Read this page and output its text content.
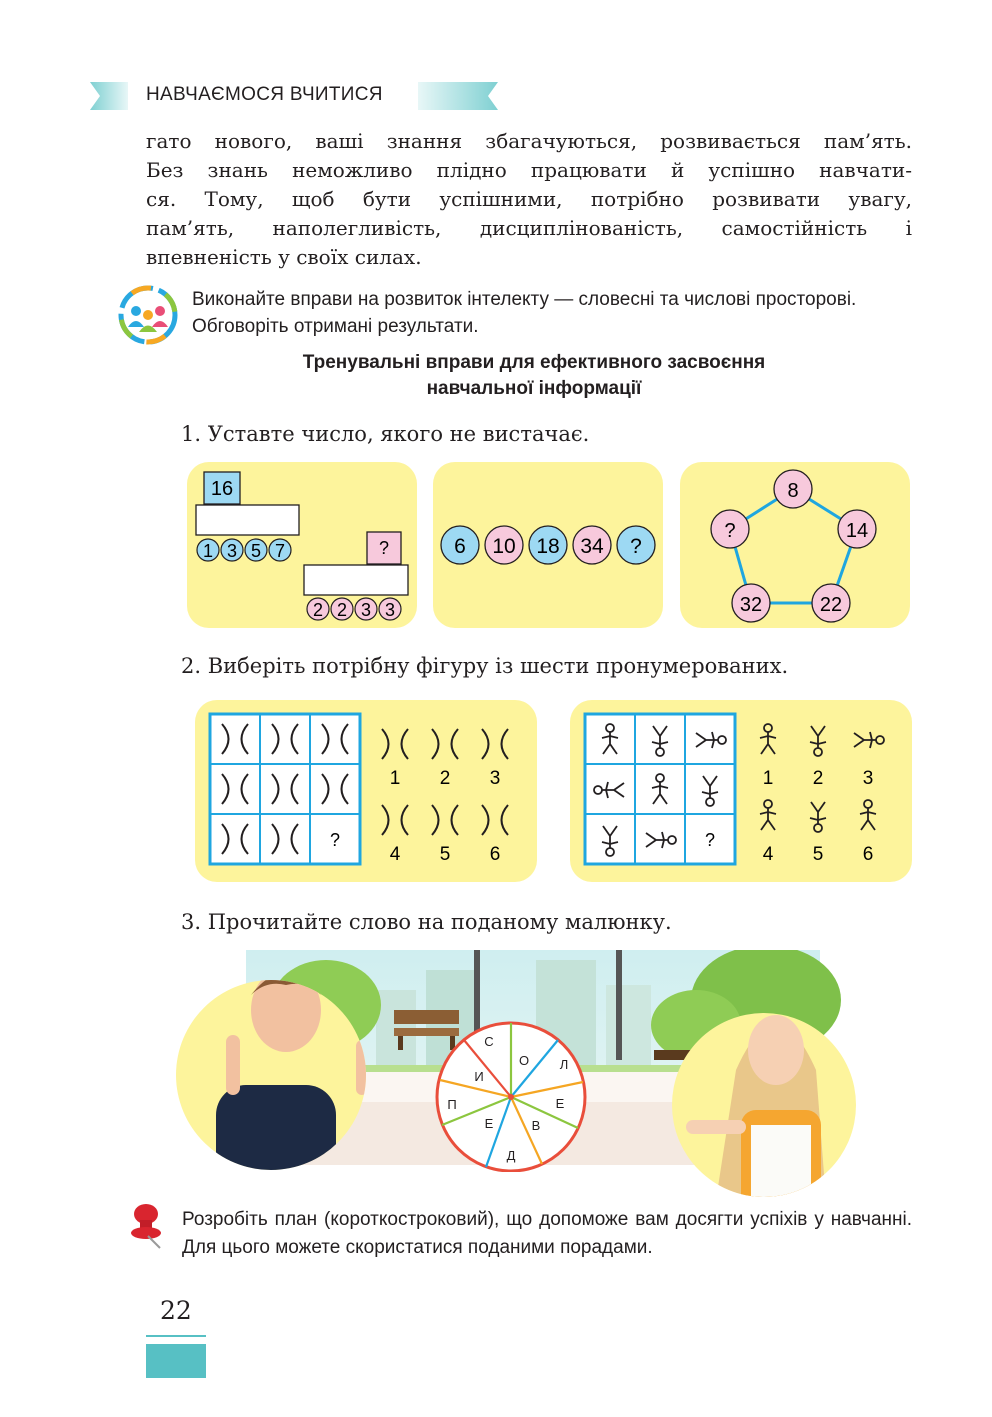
НАВЧАЄМОСЯ ВЧИТИСЯ

гато нового, ваші знання збагачуються, розвивається пам’ять.

Без знань неможливо плідно працювати й успішно навчати-

ся. Тому, щоб бути успішними, потрібно розвивати увагу,

пам’ять, наполегливість, дисциплінованість, самостійність і

впевненість у своїх силах.

Виконайте вправи на розвиток інтелекту — словесні та числові просторові. Обговоріть отримані результати.
Тренувальні вправи для ефективного засвоєння
навчальної інформації
1. Уставте число, якого не вистачає.
16
1 3 5 7	?
2 2 3 3
6 10 18 34 ?
8
14
22
32
?
2. Виберіть потрібну фігуру із шести пронумерованих.
?
1 2 3
4 5 6
?
1 2 3
4 5 6
3. Прочитайте слово на поданому малюнку.
С
О Л
Е
В
Д
Е
П
И
Розробіть план (короткостроковий), що допоможе вам досягти успіхів у навчанні. Для цього можете скористатися поданими порадами.
22
